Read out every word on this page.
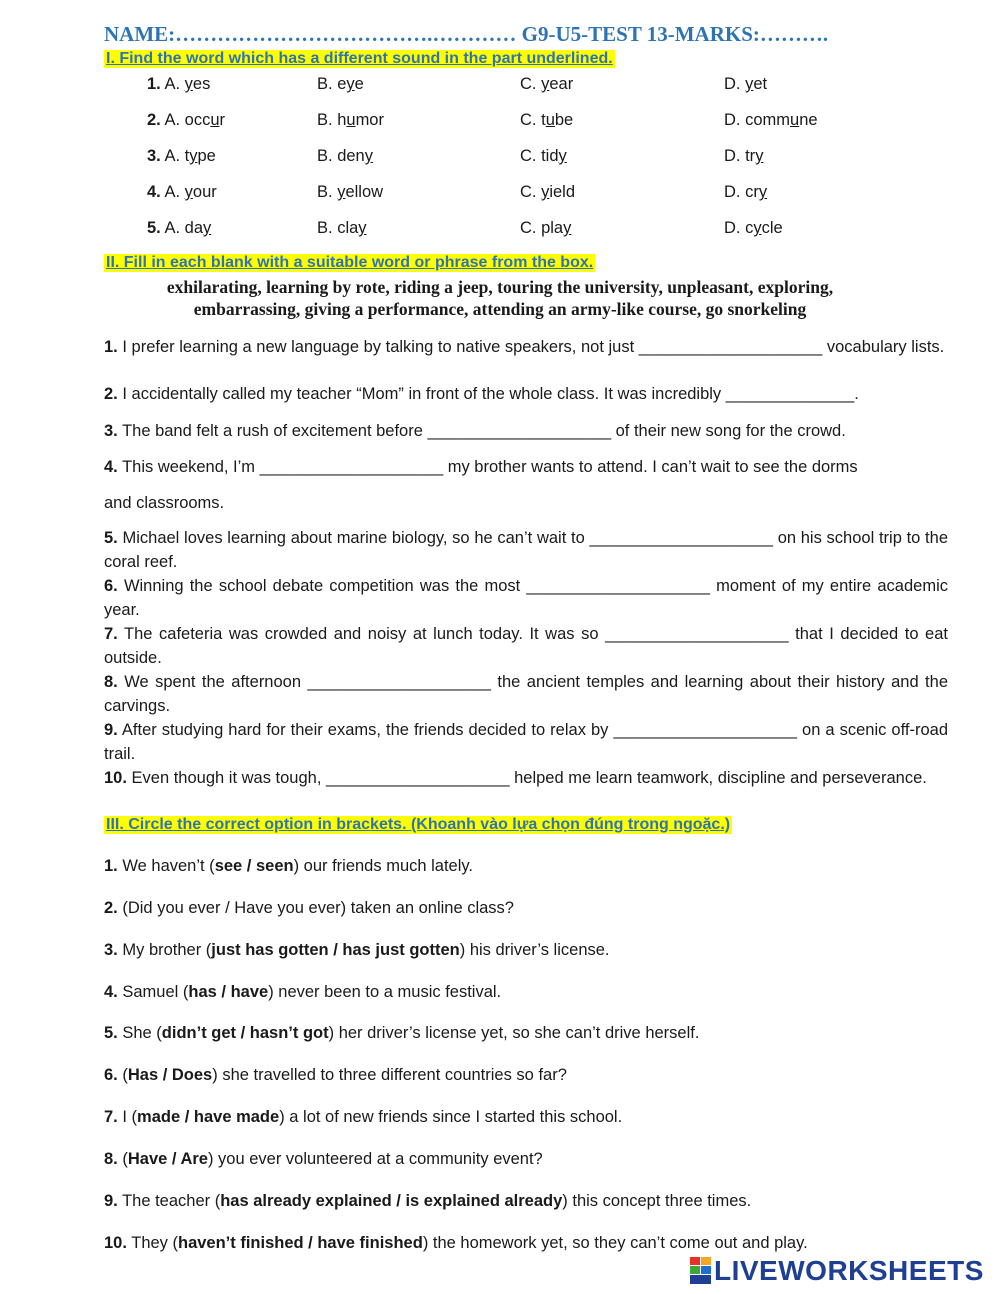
NAME:……………………………….………… G9-U5-TEST 13-MARKS:……….
I. Find the word which has a different sound in the part underlined.
1. A. yes	B. eye	C. year	D. yet
2. A. occur	B. humor	C. tube	D. commune
3. A. type	B. deny	C. tidy	D. try
4. A. your	B. yellow	C. yield	D. cry
5. A. day	B. clay	C. play	D. cycle
II. Fill in each blank with a suitable word or phrase from the box.
exhilarating, learning by rote, riding a jeep, touring the university, unpleasant, exploring,
embarrassing, giving a performance, attending an army-like course, go snorkeling
1. I prefer learning a new language by talking to native speakers, not just ____________________ vocabulary lists.
2. I accidentally called my teacher “Mom” in front of the whole class. It was incredibly ______________.
3. The band felt a rush of excitement before ____________________ of their new song for the crowd.
4. This weekend, I’m ____________________ my brother wants to attend. I can’t wait to see the dorms
and classrooms.
5. Michael loves learning about marine biology, so he can’t wait to ____________________ on his school trip to the coral reef.
6. Winning the school debate competition was the most ____________________ moment of my entire academic year.
7. The cafeteria was crowded and noisy at lunch today. It was so ____________________ that I decided to eat outside.
8. We spent the afternoon ____________________ the ancient temples and learning about their history and the carvings.
9. After studying hard for their exams, the friends decided to relax by ____________________ on a scenic off-road trail.
10. Even though it was tough, ____________________ helped me learn teamwork, discipline and perseverance.
III. Circle the correct option in brackets. (Khoanh vào lựa chọn đúng trong ngoặc.)
1. We haven’t (see / seen) our friends much lately.
2. (Did you ever / Have you ever) taken an online class?
3. My brother (just has gotten / has just gotten) his driver’s license.
4. Samuel (has / have) never been to a music festival.
5. She (didn’t get / hasn’t got) her driver’s license yet, so she can’t drive herself.
6. (Has / Does) she travelled to three different countries so far?
7. I (made / have made) a lot of new friends since I started this school.
8. (Have / Are) you ever volunteered at a community event?
9. The teacher (has already explained / is explained already) this concept three times.
10. They (haven’t finished / have finished) the homework yet, so they can’t come out and play.
LIVEWORKSHEETS
